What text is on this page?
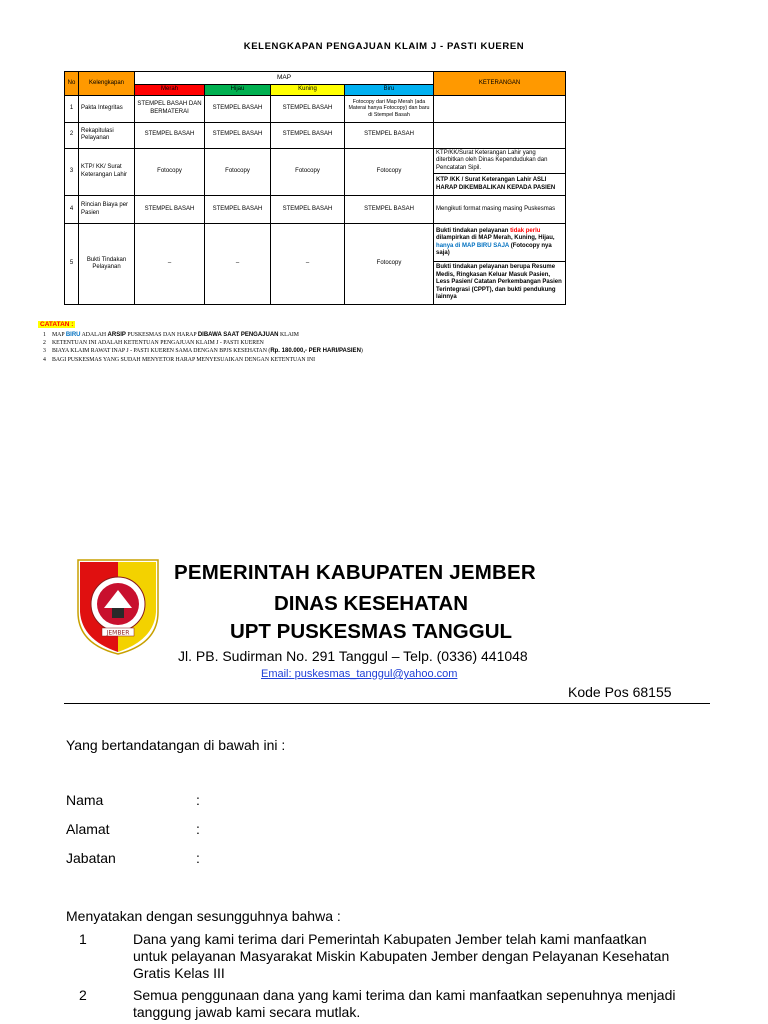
KELENGKAPAN PENGAJUAN KLAIM J - PASTI KUEREN
No	Kelengkapan	MAP				KETERANGAN
		Merah	Hijau	Kuning	Biru	
1	Pakta Integritas	STEMPEL BASAH DAN BERMATERAI	STEMPEL BASAH	STEMPEL BASAH	Fotocopy dari Map Merah (ada Materai hanya Fotocopy) dan baru di Stempel Basah	
2	Rekapitulasi Pelayanan	STEMPEL BASAH	STEMPEL BASAH	STEMPEL BASAH	STEMPEL BASAH	
3	KTP/ KK/ Surat Keterangan Lahir	Fotocopy	Fotocopy	Fotocopy	Fotocopy	KTP/KK/Surat Keterangan Lahir yang diterbitkan oleh Dinas Kependudukan dan Pencatatan Sipil.
						KTP /KK / Surat Keterangan Lahir ASLI HARAP DIKEMBALIKAN KEPADA PASIEN
4	Rincian Biaya per Pasien	STEMPEL BASAH	STEMPEL BASAH	STEMPEL BASAH	STEMPEL BASAH	Mengikuti format masing masing Puskesmas
5	Bukti Tindakan Pelayanan	–	–	–	Fotocopy	Bukti tindakan pelayanan tidak perlu dilampirkan di MAP Merah, Kuning, Hijau, hanya di MAP BIRU SAJA (Fotocopy nya saja)
						Bukti tindakan pelayanan berupa Resume Medis, Ringkasan Keluar Masuk Pasien, Less Pasien/ Catatan Perkembangan Pasien Terintegrasi (CPPT), dan bukti pendukung lainnya
CATATAN :
1 MAP BIRU ADALAH ARSIP PUSKESMAS DAN HARAP DIBAWA SAAT PENGAJUAN KLAIM
2 KETENTUAN INI ADALAH KETENTUAN PENGAJUAN KLAIM J - PASTI KUEREN
3 BIAYA KLAIM RAWAT INAP J - PASTI KUEREN SAMA DENGAN BPJS KESEHATAN (Rp. 180.000,- PER HARI/PASIEN)
4 BAGI PUSKESMAS YANG SUDAH MENYETOR HARAP MENYESUAIKAN DENGAN KETENTUAN INI
JEMBER
PEMERINTAH KABUPATEN JEMBER
DINAS KESEHATAN
UPT PUSKESMAS TANGGUL
Jl. PB. Sudirman No. 291 Tanggul – Telp. (0336) 441048
Email: puskesmas_tanggul@yahoo.com
Kode Pos 68155
Yang bertandatangan di bawah ini :
Nama	:
Alamat	:
Jabatan	:
Menyatakan dengan sesungguhnya bahwa :
1	Dana yang kami terima dari Pemerintah Kabupaten Jember telah kami manfaatkan untuk pelayanan Masyarakat Miskin Kabupaten Jember dengan Pelayanan Kesehatan Gratis Kelas III
2	Semua penggunaan dana yang kami terima dan kami manfaatkan sepenuhnya menjadi tanggung jawab kami secara mutlak.
